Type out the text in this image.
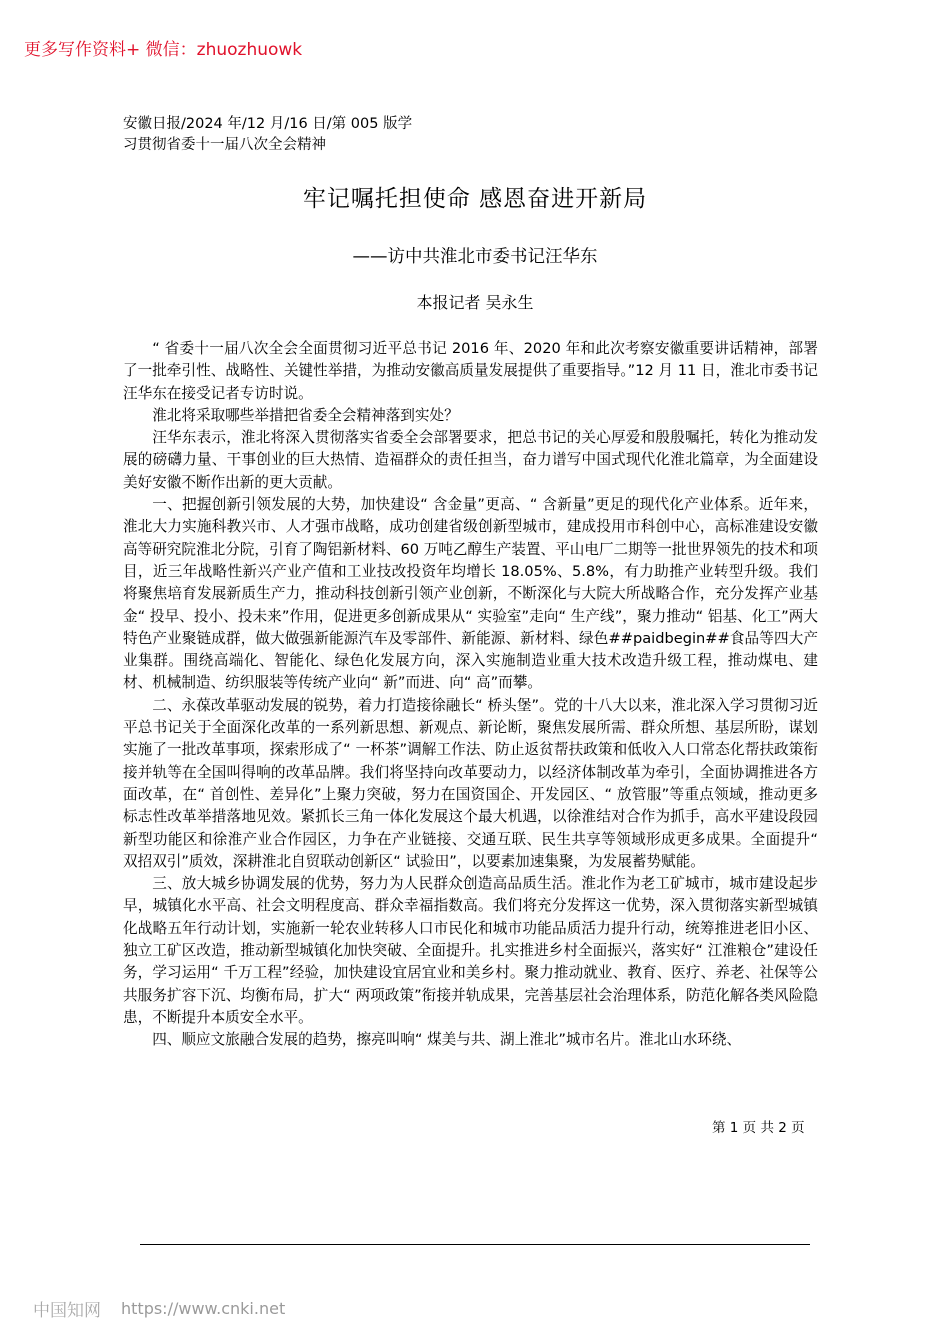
更多写作资料+ 微信：zhuozhuowk
安徽日报/2024 年/12 月/16 日/第 005 版学习贯彻省委十一届八次全会精神
牢记嘱托担使命 感恩奋进开新局
——访中共淮北市委书记汪华东
本报记者 吴永生

“ 省委十一届八次全会全面贯彻习近平总书记 2016 年、2020 年和此次考察安徽重要讲话精神，部署了一批牵引性、战略性、关键性举措，为推动安徽高质量发展提供了重要指导。”12 月 11 日，淮北市委书记汪华东在接受记者专访时说。

淮北将采取哪些举措把省委全会精神落到实处？

汪华东表示，淮北将深入贯彻落实省委全会部署要求，把总书记的关心厚爱和殷殷嘱托，转化为推动发展的磅礴力量、干事创业的巨大热情、造福群众的责任担当，奋力谱写中国式现代化淮北篇章，为全面建设美好安徽不断作出新的更大贡献。

一、把握创新引领发展的大势，加快建设“ 含金量”更高、“ 含新量”更足的现代化产业体系。近年来，淮北大力实施科教兴市、人才强市战略，成功创建省级创新型城市，建成投用市科创中心，高标准建设安徽高等研究院淮北分院，引育了陶铝新材料、60 万吨乙醇生产装置、平山电厂二期等一批世界领先的技术和项目，近三年战略性新兴产业产值和工业技改投资年均增长 18.05%、5.8%，有力助推产业转型升级。我们将聚焦培育发展新质生产力，推动科技创新引领产业创新，不断深化与大院大所战略合作，充分发挥产业基金“ 投早、投小、投未来”作用，促进更多创新成果从“ 实验室”走向“ 生产线”，聚力推动“ 铝基、化工”两大特色产业聚链成群，做大做强新能源汽车及零部件、新能源、新材料、绿色##paidbegin##食品等四大产业集群。围绕高端化、智能化、绿色化发展方向，深入实施制造业重大技术改造升级工程，推动煤电、建材、机械制造、纺织服装等传统产业向“ 新”而进、向“ 高”而攀。

二、永葆改革驱动发展的锐势，着力打造接徐融长“ 桥头堡”。党的十八大以来，淮北深入学习贯彻习近平总书记关于全面深化改革的一系列新思想、新观点、新论断，聚焦发展所需、群众所想、基层所盼，谋划实施了一批改革事项，探索形成了“ 一杯茶”调解工作法、防止返贫帮扶政策和低收入人口常态化帮扶政策衔接并轨等在全国叫得响的改革品牌。我们将坚持向改革要动力，以经济体制改革为牵引，全面协调推进各方面改革，在“ 首创性、差异化”上聚力突破，努力在国资国企、开发园区、“ 放管服”等重点领域，推动更多标志性改革举措落地见效。紧抓长三角一体化发展这个最大机遇，以徐淮结对合作为抓手，高水平建设段园新型功能区和徐淮产业合作园区，力争在产业链接、交通互联、民生共享等领域形成更多成果。全面提升“ 双招双引”质效，深耕淮北自贸联动创新区“ 试验田”，以要素加速集聚，为发展蓄势赋能。

三、放大城乡协调发展的优势，努力为人民群众创造高品质生活。淮北作为老工矿城市，城市建设起步早，城镇化水平高、社会文明程度高、群众幸福指数高。我们将充分发挥这一优势，深入贯彻落实新型城镇化战略五年行动计划，实施新一轮农业转移人口市民化和城市功能品质活力提升行动，统筹推进老旧小区、独立工矿区改造，推动新型城镇化加快突破、全面提升。扎实推进乡村全面振兴，落实好“ 江淮粮仓”建设任务，学习运用“ 千万工程”经验，加快建设宜居宜业和美乡村。聚力推动就业、教育、医疗、养老、社保等公共服务扩容下沉、均衡布局，扩大“ 两项政策”衔接并轨成果，完善基层社会治理体系，防范化解各类风险隐患，不断提升本质安全水平。

四、顺应文旅融合发展的趋势，擦亮叫响“ 煤美与共、湖上淮北”城市名片。淮北山水环绕、

第 1 页 共 2 页
中国知网 https://www.cnki.net
